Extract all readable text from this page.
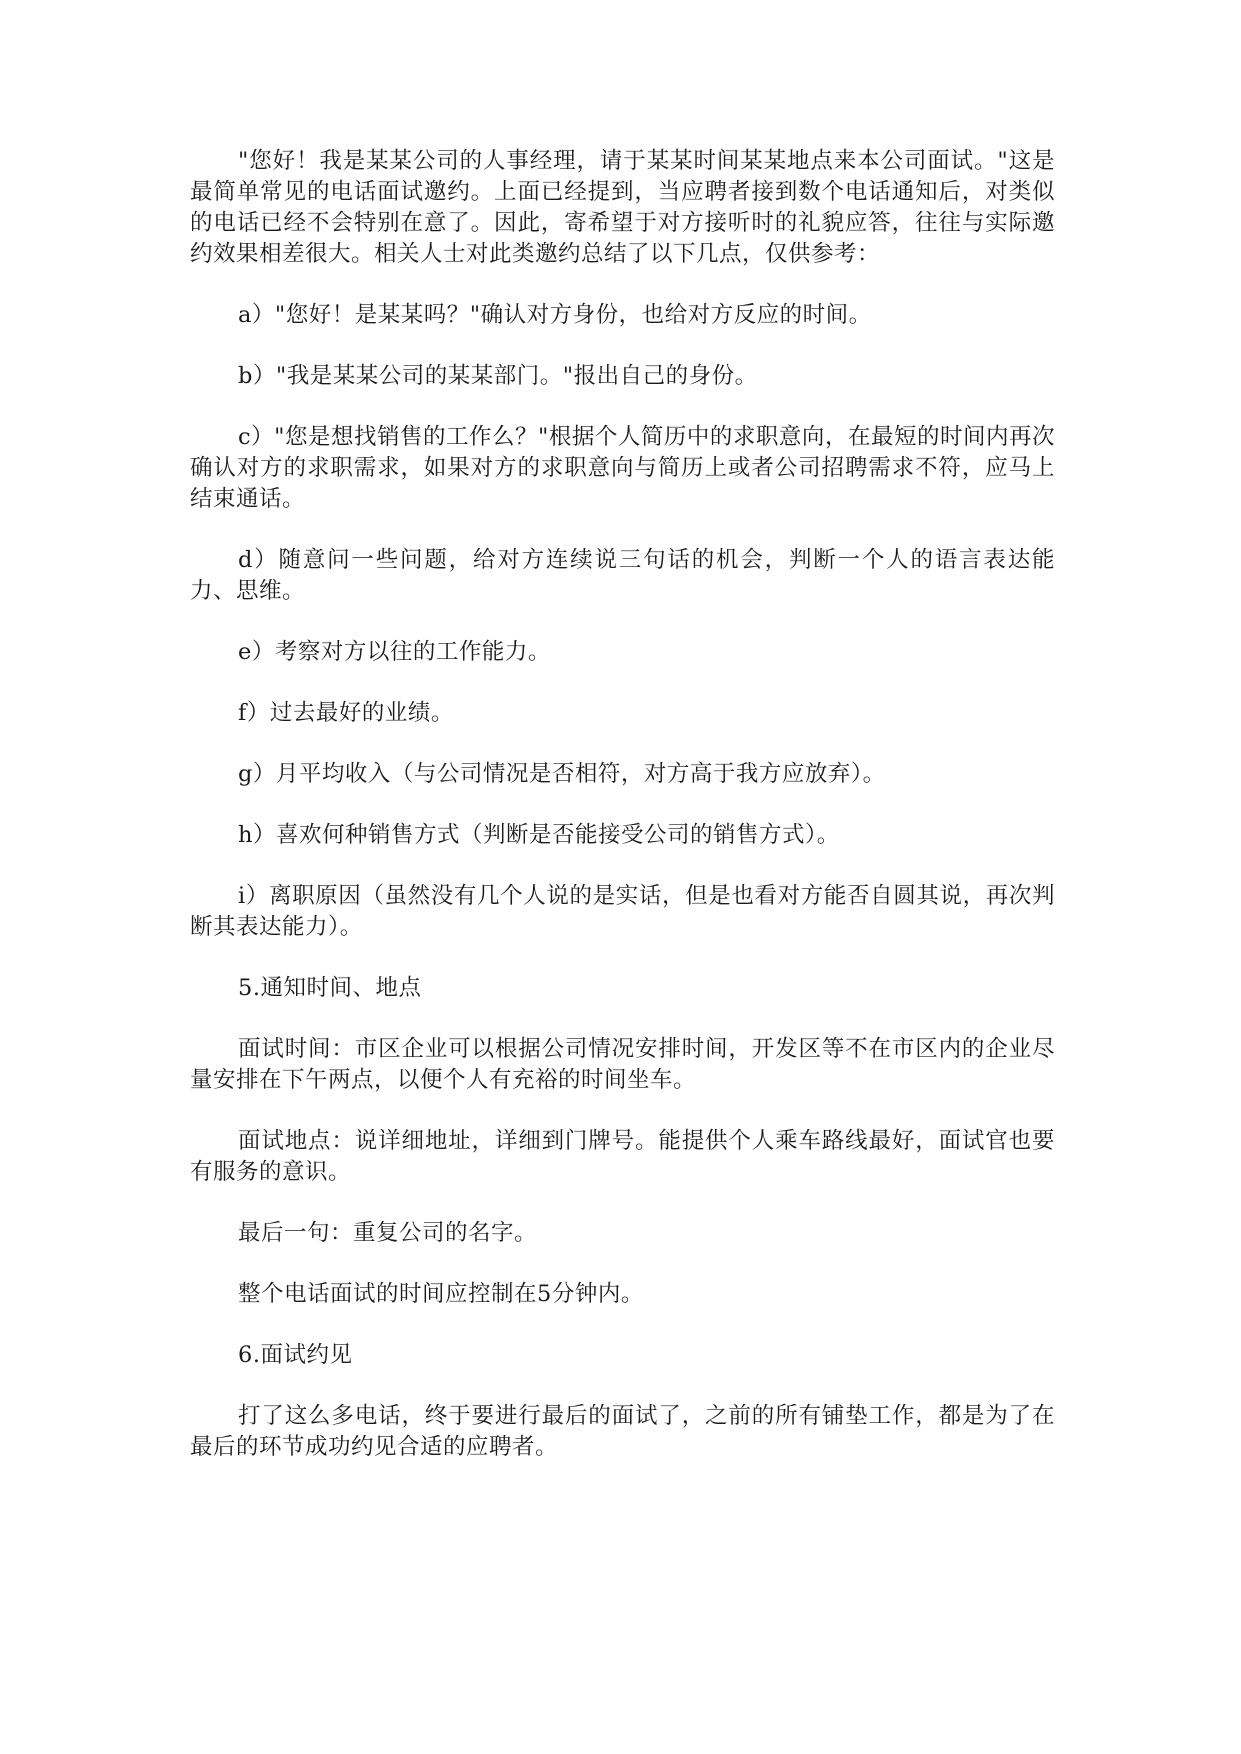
"您好！我是某某公司的人事经理，请于某某时间某某地点来本公司面试。"这是最简单常见的电话面试邀约。上面已经提到，当应聘者接到数个电话通知后，对类似的电话已经不会特别在意了。因此，寄希望于对方接听时的礼貌应答，往往与实际邀约效果相差很大。相关人士对此类邀约总结了以下几点，仅供参考：

a）"您好！是某某吗？"确认对方身份，也给对方反应的时间。

b）"我是某某公司的某某部门。"报出自己的身份。

c）"您是想找销售的工作么？"根据个人简历中的求职意向，在最短的时间内再次确认对方的求职需求，如果对方的求职意向与简历上或者公司招聘需求不符，应马上结束通话。

d）随意问一些问题，给对方连续说三句话的机会，判断一个人的语言表达能力、思维。

e）考察对方以往的工作能力。

f）过去最好的业绩。

g）月平均收入（与公司情况是否相符，对方高于我方应放弃）。

h）喜欢何种销售方式（判断是否能接受公司的销售方式）。

i）离职原因（虽然没有几个人说的是实话，但是也看对方能否自圆其说，再次判断其表达能力）。

5.通知时间、地点

面试时间：市区企业可以根据公司情况安排时间，开发区等不在市区内的企业尽量安排在下午两点，以便个人有充裕的时间坐车。

面试地点：说详细地址，详细到门牌号。能提供个人乘车路线最好，面试官也要有服务的意识。

最后一句：重复公司的名字。

整个电话面试的时间应控制在5分钟内。

6.面试约见

打了这么多电话，终于要进行最后的面试了，之前的所有铺垫工作，都是为了在最后的环节成功约见合适的应聘者。
